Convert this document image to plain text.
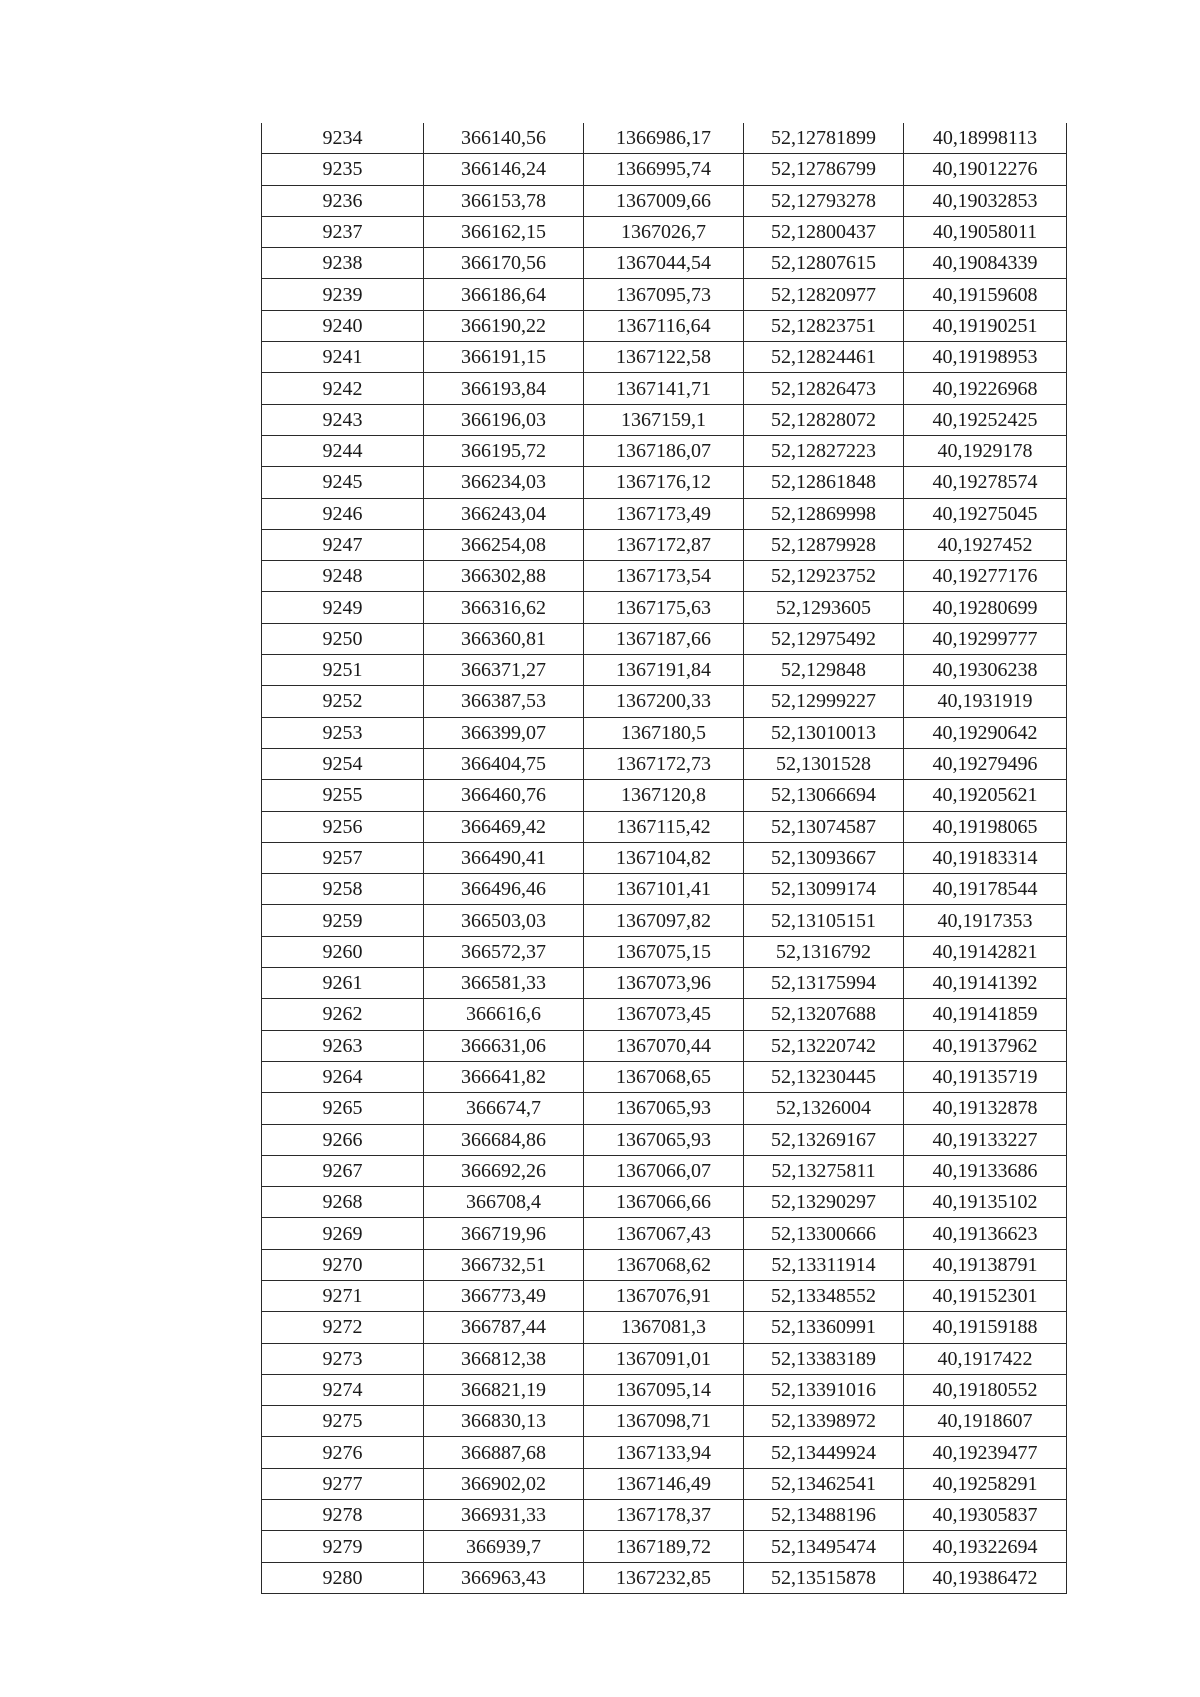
9234	366140,56	1366986,17	52,12781899	40,18998113
9235	366146,24	1366995,74	52,12786799	40,19012276
9236	366153,78	1367009,66	52,12793278	40,19032853
9237	366162,15	1367026,7	52,12800437	40,19058011
9238	366170,56	1367044,54	52,12807615	40,19084339
9239	366186,64	1367095,73	52,12820977	40,19159608
9240	366190,22	1367116,64	52,12823751	40,19190251
9241	366191,15	1367122,58	52,12824461	40,19198953
9242	366193,84	1367141,71	52,12826473	40,19226968
9243	366196,03	1367159,1	52,12828072	40,19252425
9244	366195,72	1367186,07	52,12827223	40,1929178
9245	366234,03	1367176,12	52,12861848	40,19278574
9246	366243,04	1367173,49	52,12869998	40,19275045
9247	366254,08	1367172,87	52,12879928	40,1927452
9248	366302,88	1367173,54	52,12923752	40,19277176
9249	366316,62	1367175,63	52,1293605	40,19280699
9250	366360,81	1367187,66	52,12975492	40,19299777
9251	366371,27	1367191,84	52,129848	40,19306238
9252	366387,53	1367200,33	52,12999227	40,1931919
9253	366399,07	1367180,5	52,13010013	40,19290642
9254	366404,75	1367172,73	52,1301528	40,19279496
9255	366460,76	1367120,8	52,13066694	40,19205621
9256	366469,42	1367115,42	52,13074587	40,19198065
9257	366490,41	1367104,82	52,13093667	40,19183314
9258	366496,46	1367101,41	52,13099174	40,19178544
9259	366503,03	1367097,82	52,13105151	40,1917353
9260	366572,37	1367075,15	52,1316792	40,19142821
9261	366581,33	1367073,96	52,13175994	40,19141392
9262	366616,6	1367073,45	52,13207688	40,19141859
9263	366631,06	1367070,44	52,13220742	40,19137962
9264	366641,82	1367068,65	52,13230445	40,19135719
9265	366674,7	1367065,93	52,1326004	40,19132878
9266	366684,86	1367065,93	52,13269167	40,19133227
9267	366692,26	1367066,07	52,13275811	40,19133686
9268	366708,4	1367066,66	52,13290297	40,19135102
9269	366719,96	1367067,43	52,13300666	40,19136623
9270	366732,51	1367068,62	52,13311914	40,19138791
9271	366773,49	1367076,91	52,13348552	40,19152301
9272	366787,44	1367081,3	52,13360991	40,19159188
9273	366812,38	1367091,01	52,13383189	40,1917422
9274	366821,19	1367095,14	52,13391016	40,19180552
9275	366830,13	1367098,71	52,13398972	40,1918607
9276	366887,68	1367133,94	52,13449924	40,19239477
9277	366902,02	1367146,49	52,13462541	40,19258291
9278	366931,33	1367178,37	52,13488196	40,19305837
9279	366939,7	1367189,72	52,13495474	40,19322694
9280	366963,43	1367232,85	52,13515878	40,19386472
